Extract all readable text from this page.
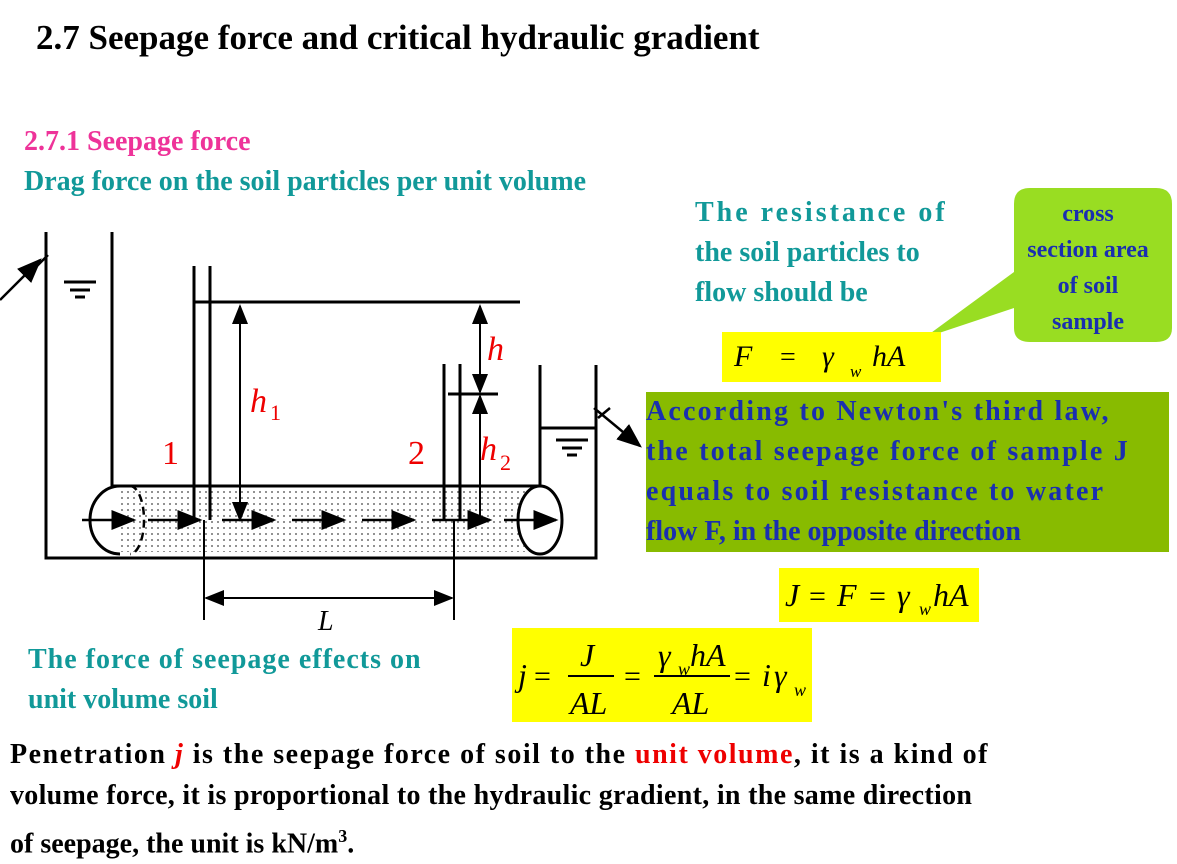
2.7 Seepage force and critical hydraulic gradient
2.7.1 Seepage force
Drag force on the soil particles per unit volume
The resistance of
the soil particles to
flow should be
cross
section area
of soil
sample
F = γ w hA
According to Newton's third law,
the total seepage force of sample J
equals to soil resistance to water
flow F, in the opposite direction
J = F = γ w hA
j =
J
AL
=
γ w hA
AL
= i γ w
The force of seepage effects on
unit volume soil
h
h 1
h 2
1	2
L
Penetration j is the seepage force of soil to the unit volume, it is a kind of
volume force, it is proportional to the hydraulic gradient, in the same direction
of seepage, the unit is $kN/m^3$.
